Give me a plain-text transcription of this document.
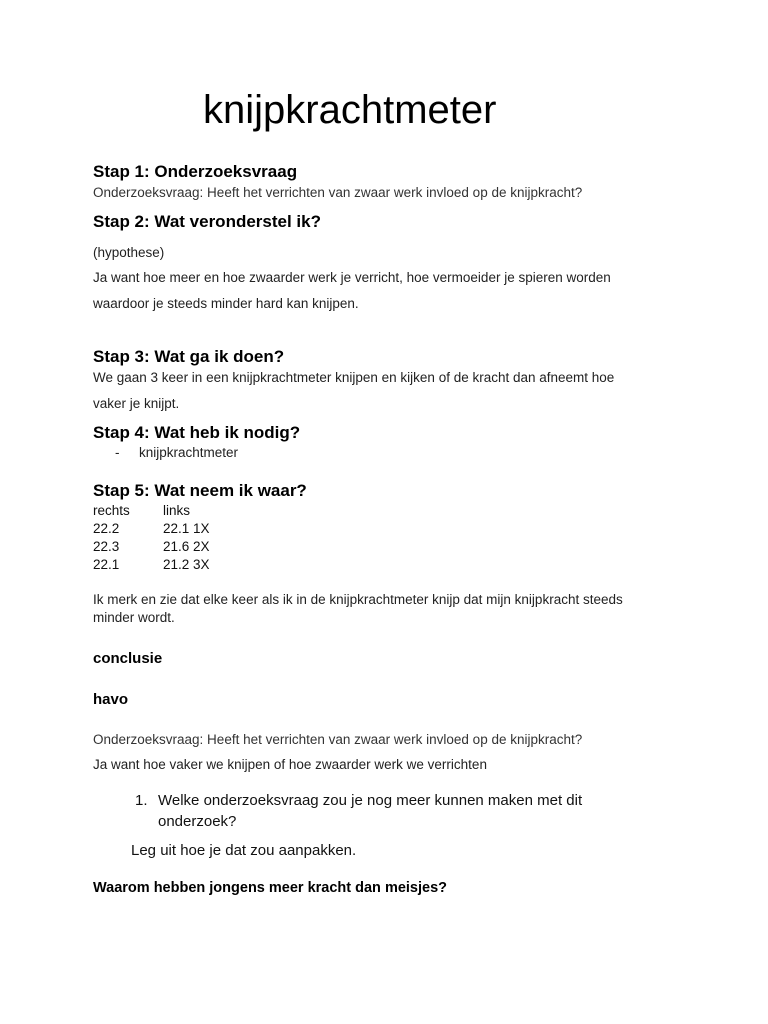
knijpkrachtmeter
Stap 1: Onderzoeksvraag
Onderzoeksvraag: Heeft het verrichten van zwaar werk invloed op de knijpkracht?
Stap 2: Wat veronderstel ik?
(hypothese)
Ja want hoe meer en hoe zwaarder werk je verricht, hoe vermoeider je spieren worden
waardoor je steeds minder hard kan knijpen.
Stap 3: Wat ga ik doen?
We gaan 3 keer in een knijpkrachtmeter knijpen en kijken of de kracht dan afneemt hoe
vaker je knijpt.
Stap 4: Wat heb ik nodig?
- knijpkrachtmeter
Stap 5: Wat neem ik waar?
rechts links
22.2	22.1 1X
22.3	21.6 2X
22.1	21.2 3X
Ik merk en zie dat elke keer als ik in de knijpkrachtmeter knijp dat mijn knijpkracht steeds
minder wordt.
conclusie
havo
Onderzoeksvraag: Heeft het verrichten van zwaar werk invloed op de knijpkracht?
Ja want hoe vaker we knijpen of hoe zwaarder werk we verrichten
1. Welke onderzoeksvraag zou je nog meer kunnen maken met dit
onderzoek?
Leg uit hoe je dat zou aanpakken.
Waarom hebben jongens meer kracht dan meisjes?
